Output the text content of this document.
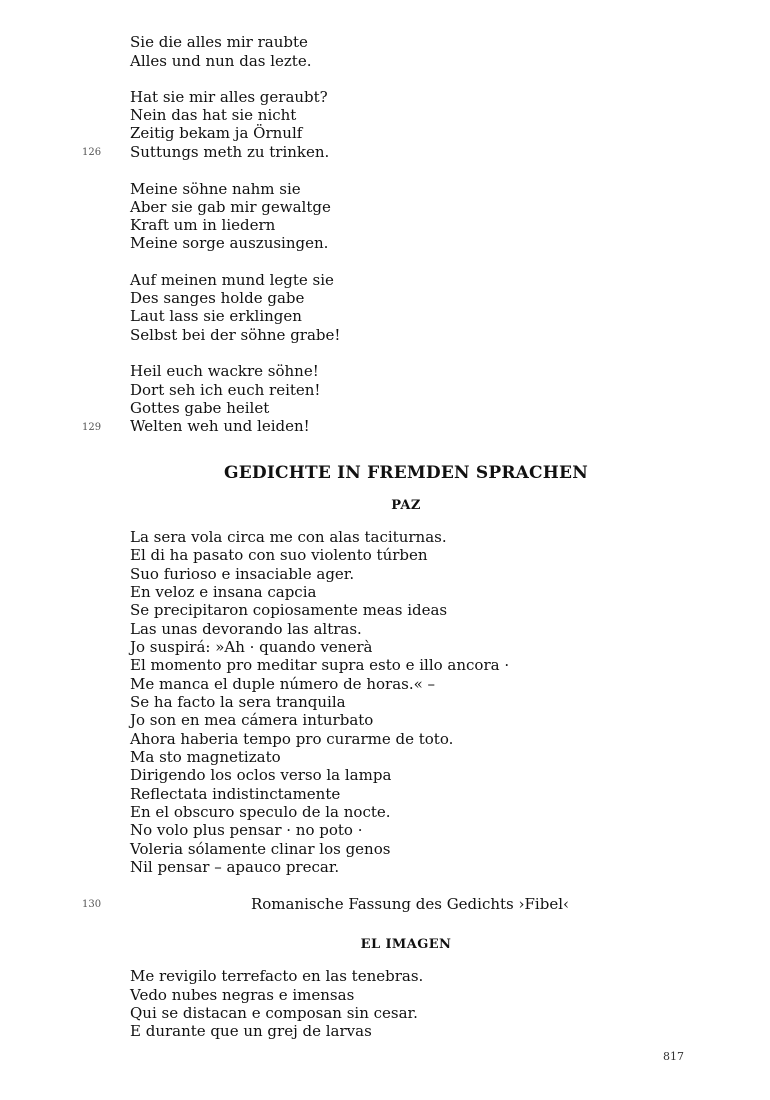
Sie die alles mir raubte
Alles und nun das lezte.
Hat sie mir alles geraubt?
Nein das hat sie nicht
Zeitig bekam ja Örnulf
126 Suttungs meth zu trinken.
Meine söhne nahm sie
Aber sie gab mir gewaltge
Kraft um in liedern
Meine sorge auszusingen.
Auf meinen mund legte sie
Des sanges holde gabe
Laut lass sie erklingen
Selbst bei der söhne grabe!
Heil euch wackre söhne!
Dort seh ich euch reiten!
Gottes gabe heilet
129 Welten weh und leiden!
GEDICHTE IN FREMDEN SPRACHEN
PAZ
La sera vola circa me con alas taciturnas.
El di ha pasato con suo violento túrben
Suo furioso e insaciable ager.
En veloz e insana capcia
Se precipitaron copiosamente meas ideas
Las unas devorando las altras.
Jo suspirá: »Ah · quando venerà
El momento pro meditar supra esto e illo ancora ·
Me manca el duple número de horas.« –
Se ha facto la sera tranquila
Jo son en mea cámera inturbato
Ahora haberia tempo pro curarme de toto.
Ma sto magnetizato
Dirigendo los oclos verso la lampa
Reflectata indistinctamente
En el obscuro speculo de la nocte.
No volo plus pensar · no poto ·
Voleria sólamente clinar los genos
Nil pensar – apauco precar.
130	Romanische Fassung des Gedichts ›Fibel‹
EL IMAGEN
Me revigilo terrefacto en las tenebras.
Vedo nubes negras e imensas
Qui se distacan e composan sin cesar.
E durante que un grej de larvas
817
